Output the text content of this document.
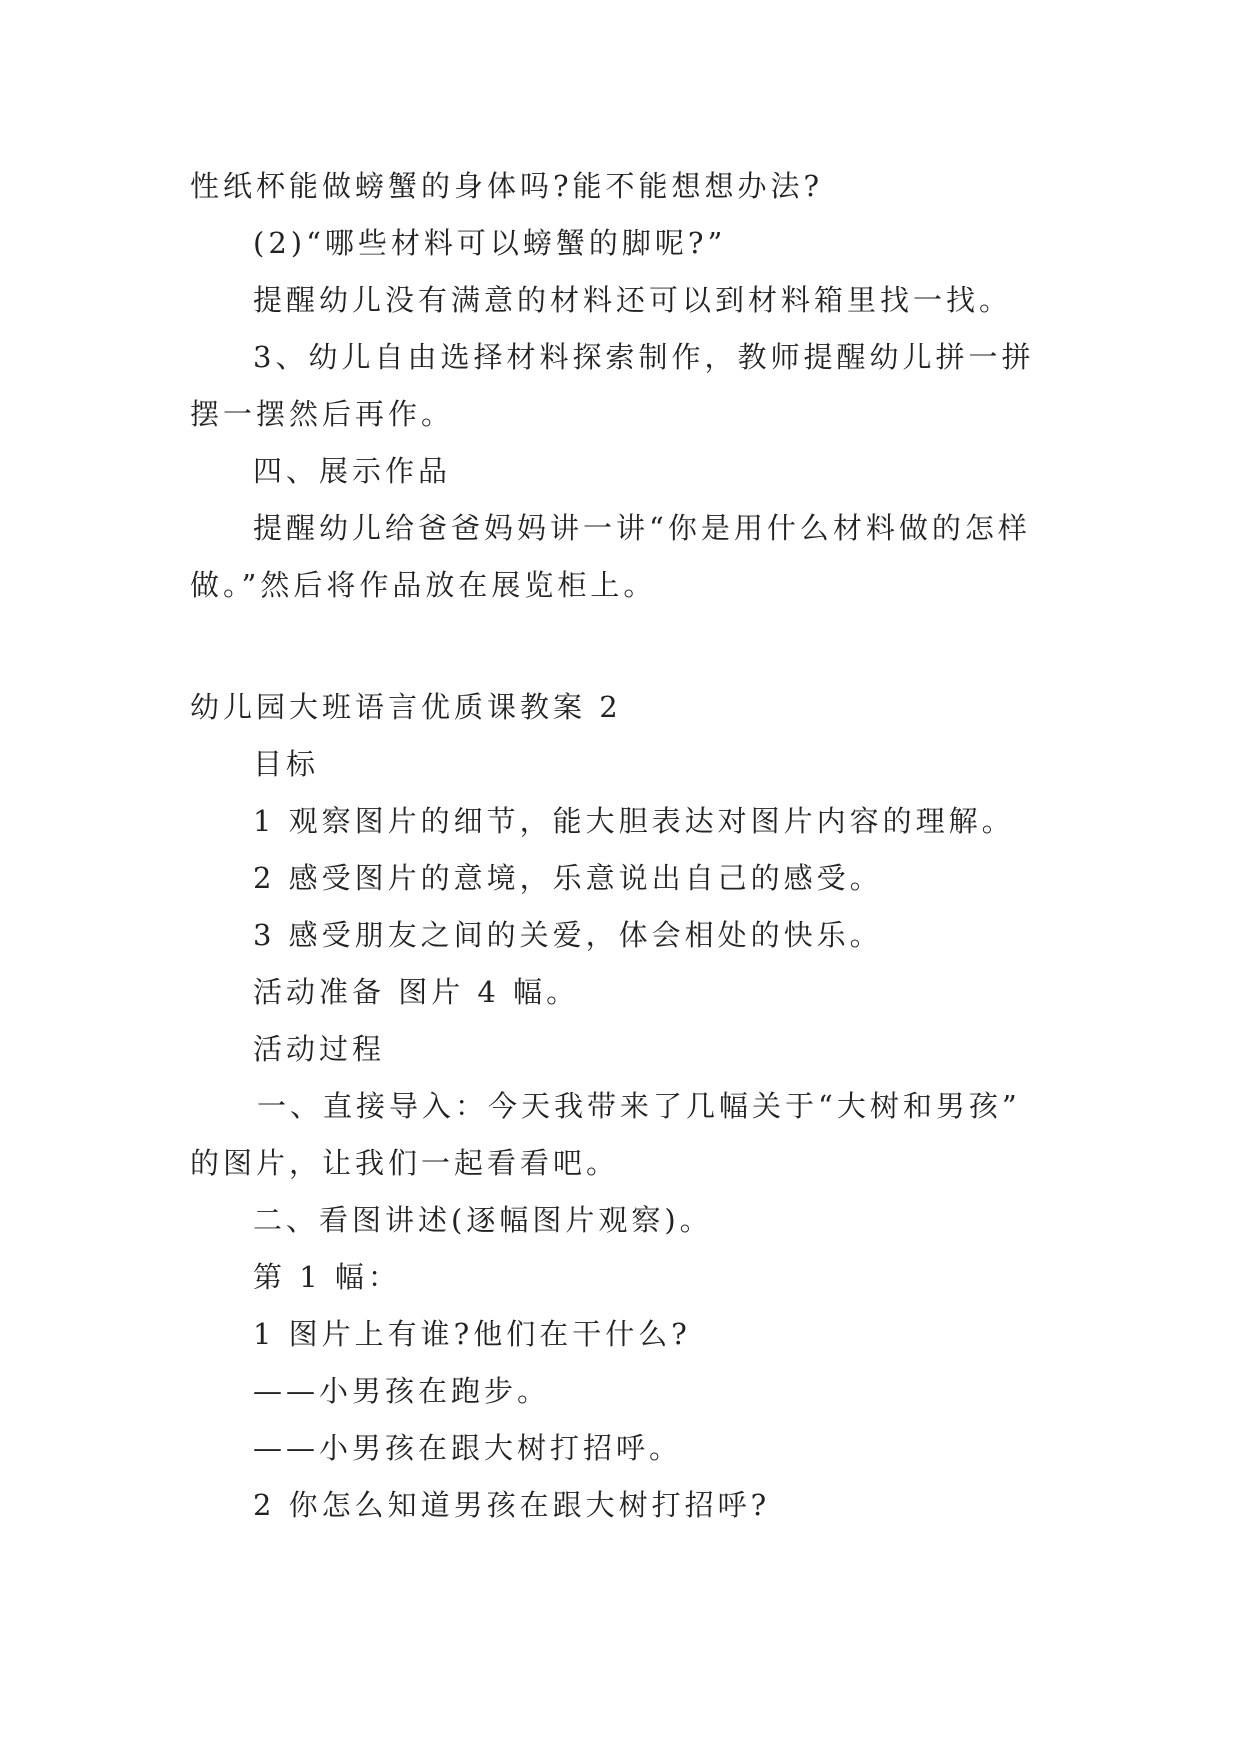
性纸杯能做螃蟹的身体吗?能不能想想办法?

(2)“哪些材料可以螃蟹的脚呢?”

提醒幼儿没有满意的材料还可以到材料箱里找一找。

3、幼儿自由选择材料探索制作，教师提醒幼儿拼一拼

摆一摆然后再作。

四、展示作品

提醒幼儿给爸爸妈妈讲一讲“你是用什么材料做的怎样

做。”然后将作品放在展览柜上。

幼儿园大班语言优质课教案 2

目标

1 观察图片的细节，能大胆表达对图片内容的理解。

2 感受图片的意境，乐意说出自己的感受。

3 感受朋友之间的关爱，体会相处的快乐。

活动准备 图片 4 幅。

活动过程

一、直接导入：今天我带来了几幅关于“大树和男孩”

的图片，让我们一起看看吧。

二、看图讲述(逐幅图片观察)。

第 1 幅：

1 图片上有谁?他们在干什么?

——小男孩在跑步。

——小男孩在跟大树打招呼。

2 你怎么知道男孩在跟大树打招呼?
